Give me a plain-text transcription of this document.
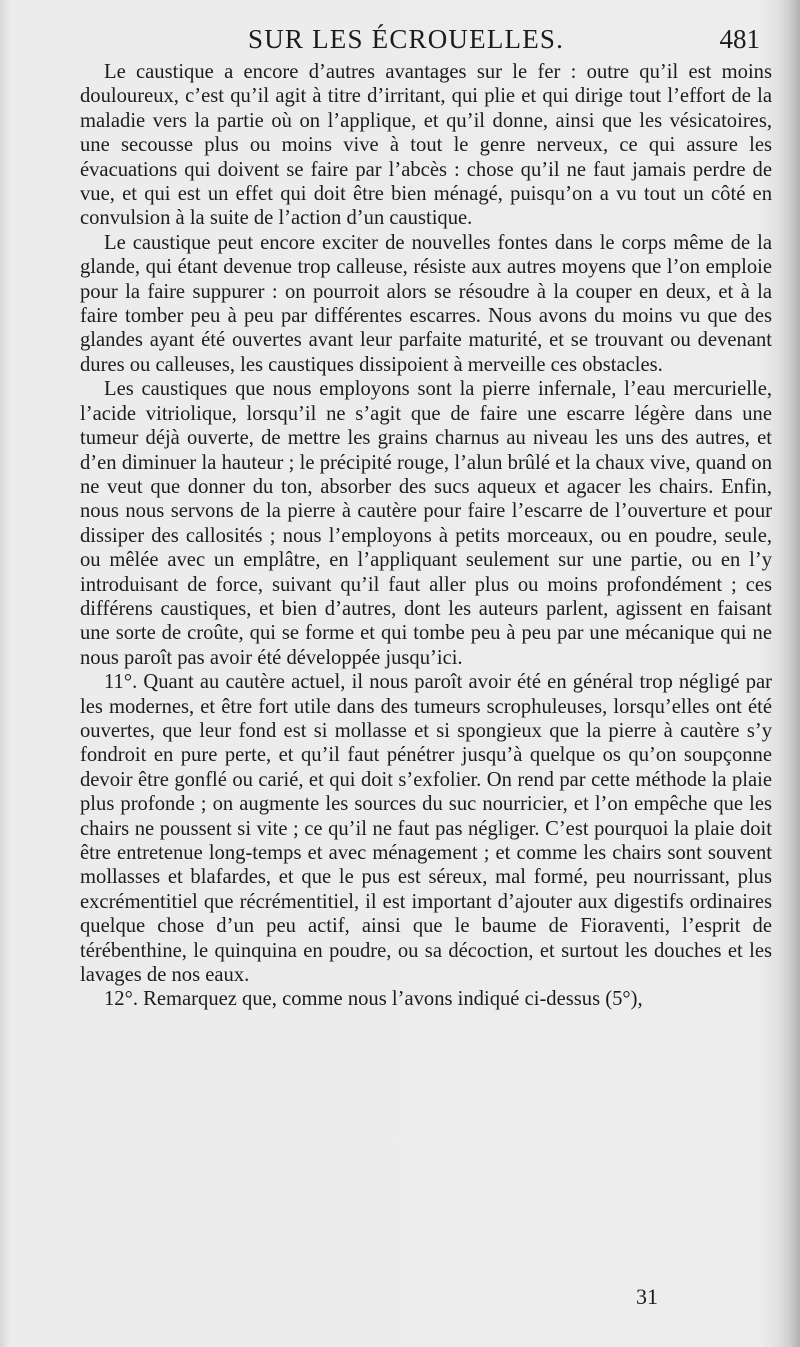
SUR LES ÉCROUELLES.	481

Le caustique a encore d’autres avantages sur le fer : outre qu’il est moins douloureux, c’est qu’il agit à titre d’irritant, qui plie et qui dirige tout l’effort de la maladie vers la partie où on l’applique, et qu’il donne, ainsi que les vésicatoires, une secousse plus ou moins vive à tout le genre nerveux, ce qui assure les évacuations qui doivent se faire par l’abcès : chose qu’il ne faut jamais perdre de vue, et qui est un effet qui doit être bien ménagé, puisqu’on a vu tout un côté en convulsion à la suite de l’action d’un caustique.

Le caustique peut encore exciter de nouvelles fontes dans le corps même de la glande, qui étant devenue trop calleuse, résiste aux autres moyens que l’on emploie pour la faire suppurer : on pourroit alors se résoudre à la couper en deux, et à la faire tomber peu à peu par différentes escarres. Nous avons du moins vu que des glandes ayant été ouvertes avant leur parfaite maturité, et se trouvant ou devenant dures ou calleuses, les caustiques dissipoient à merveille ces obstacles.

Les caustiques que nous employons sont la pierre infernale, l’eau mercurielle, l’acide vitriolique, lorsqu’il ne s’agit que de faire une escarre légère dans une tumeur déjà ouverte, de mettre les grains charnus au niveau les uns des autres, et d’en diminuer la hauteur ; le précipité rouge, l’alun brûlé et la chaux vive, quand on ne veut que donner du ton, absorber des sucs aqueux et agacer les chairs. Enfin, nous nous servons de la pierre à cautère pour faire l’escarre de l’ouverture et pour dissiper des callosités ; nous l’employons à petits morceaux, ou en poudre, seule, ou mêlée avec un emplâtre, en l’appliquant seulement sur une partie, ou en l’y introduisant de force, suivant qu’il faut aller plus ou moins profondément ; ces différens caustiques, et bien d’autres, dont les auteurs parlent, agissent en faisant une sorte de croûte, qui se forme et qui tombe peu à peu par une mécanique qui ne nous paroît pas avoir été développée jusqu’ici.

11°. Quant au cautère actuel, il nous paroît avoir été en général trop négligé par les modernes, et être fort utile dans des tumeurs scrophuleuses, lorsqu’elles ont été ouvertes, que leur fond est si mollasse et si spongieux que la pierre à cautère s’y fondroit en pure perte, et qu’il faut pénétrer jusqu’à quelque os qu’on soupçonne devoir être gonflé ou carié, et qui doit s’exfolier. On rend par cette méthode la plaie plus profonde ; on augmente les sources du suc nourricier, et l’on empêche que les chairs ne poussent si vite ; ce qu’il ne faut pas négliger. C’est pourquoi la plaie doit être entretenue long-temps et avec ménagement ; et comme les chairs sont souvent mollasses et blafardes, et que le pus est séreux, mal formé, peu nourrissant, plus excrémentitiel que récrémentitiel, il est important d’ajouter aux digestifs ordinaires quelque chose d’un peu actif, ainsi que le baume de Fioraventi, l’esprit de térébenthine, le quinquina en poudre, ou sa décoction, et surtout les douches et les lavages de nos eaux.

12°. Remarquez que, comme nous l’avons indiqué ci-dessus (5°),

31
